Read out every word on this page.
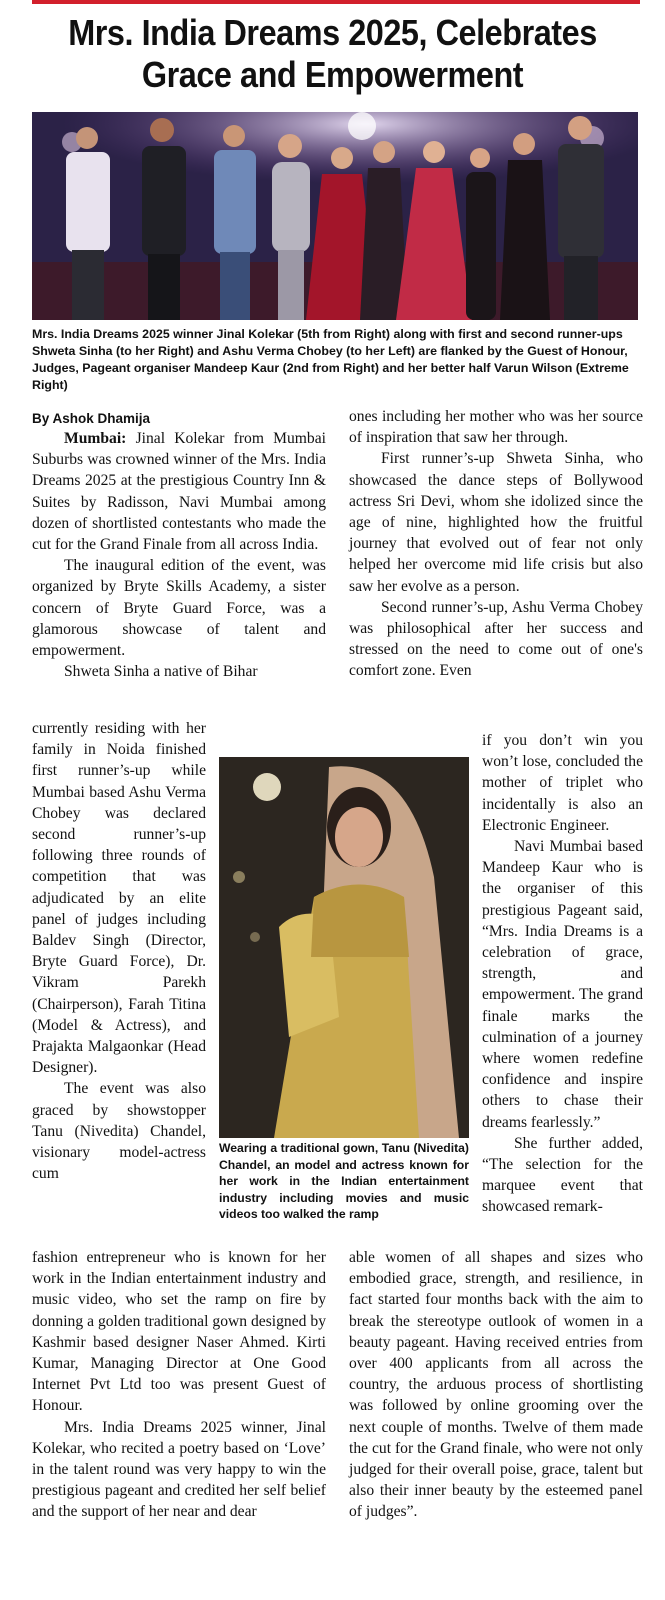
Mrs. India Dreams 2025, Celebrates
Grace and Empowerment
Mrs. India Dreams 2025 winner Jinal Kolekar (5th from Right) along with first and second runner-ups Shweta Sinha (to her Right) and Ashu Verma Chobey (to her Left) are flanked by the Guest of Honour, Judges, Pageant organiser Mandeep Kaur (2nd from Right) and her better half Varun Wilson (Extreme Right)
By Ashok Dhamija

Mumbai: Jinal Kolekar from Mumbai Suburbs was crowned winner of the Mrs. India Dreams 2025 at the prestigious Country Inn & Suites by Radisson, Navi Mumbai among dozen of shortlisted contestants who made the cut for the Grand Finale from all across India.

The inaugural edition of the event, was organized by Bryte Skills Academy, a sister concern of Bryte Guard Force, was a glamorous showcase of talent and empowerment.

Shweta Sinha a native of Bihar

currently residing with her family in Noida finished first runner’s-up while Mumbai based Ashu Verma Chobey was declared second runner’s-up following three rounds of competition that was adjudicated by an elite panel of judges including Baldev Singh (Director, Bryte Guard Force), Dr. Vikram Parekh (Chairperson), Farah Titina (Model & Actress), and Prajakta Malgaonkar (Head Designer).

The event was also graced by showstopper Tanu (Nivedita) Chandel, visionary model-actress cum

fashion entrepreneur who is known for her work in the Indian entertainment industry and music video, who set the ramp on fire by donning a golden traditional gown designed by Kashmir based designer Naser Ahmed. Kirti Kumar, Managing Director at One Good Internet Pvt Ltd too was present Guest of Honour.

Mrs. India Dreams 2025 winner, Jinal Kolekar, who recited a poetry based on ‘Love’ in the talent round was very happy to win the prestigious pageant and credited her self belief and the support of her near and dear

ones including her mother who was her source of inspiration that saw her through.

First runner’s-up Shweta Sinha, who showcased the dance steps of Bollywood actress Sri Devi, whom she idolized since the age of nine, highlighted how the fruitful journey that evolved out of fear not only helped her overcome mid life crisis but also saw her evolve as a person.

Second runner’s-up, Ashu Verma Chobey was philosophical after her success and stressed on the need to come out of one's comfort zone. Even

if you don’t win you won’t lose, concluded the mother of triplet who incidentally is also an Electronic Engineer.

Navi Mumbai based Mandeep Kaur who is the organiser of this prestigious Pageant said, “Mrs. India Dreams is a celebration of grace, strength, and empowerment. The grand finale marks the culmination of a journey where women redefine confidence and inspire others to chase their dreams fearlessly.”

She further added, “The selection for the marquee event that showcased remark-

able women of all shapes and sizes who embodied grace, strength, and resilience, in fact started four months back with the aim to break the stereotype outlook of women in a beauty pageant. Having received entries from over 400 applicants from all across the country, the arduous process of shortlisting was followed by online grooming over the next couple of months. Twelve of them made the cut for the Grand finale, who were not only judged for their overall poise, grace, talent but also their inner beauty by the esteemed panel of judges”.

Wearing a traditional gown, Tanu (Nivedita) Chandel, an model and actress known for her work in the Indian entertainment industry including movies and music videos too walked the ramp
